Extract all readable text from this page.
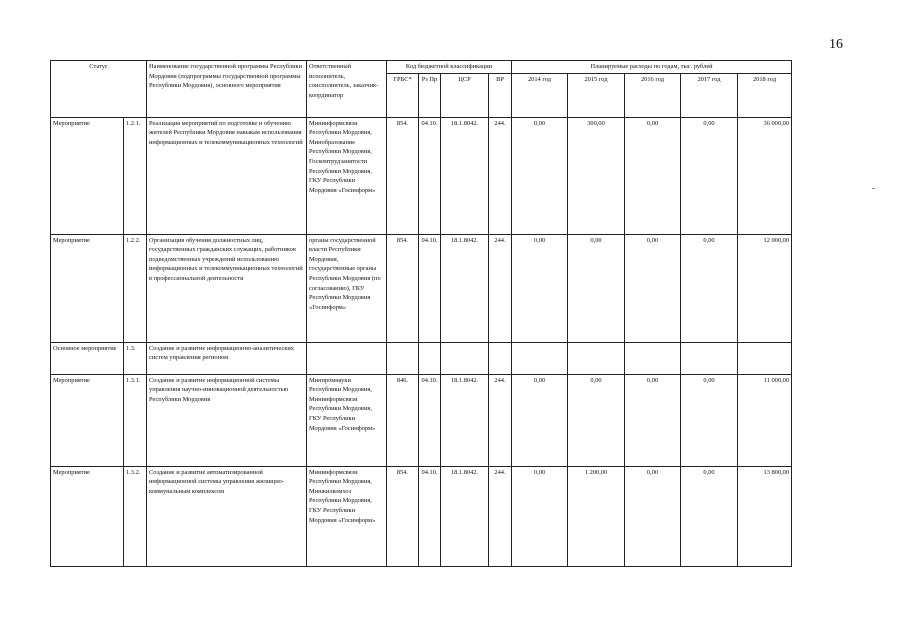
16
Статус		Наименование государственной программы Республики Мордовия (подпрограммы государственной программы Республики Мордовия), основного мероприятия	Ответственный исполнитель, соисполнитель, заказчик-координатор	Код бюджетной классификации				Планируемые расходы по годам, тыс. рублей				
				ГРБС*	Рз Пр	ЦСР	ВР	2014 год	2015 год	2016 год	2017 год	2018 год
Мероприятие	1.2.1.	Реализация мероприятий по подготовке и обучению жителей Республики Мордовия навыкам использования информационных и телекоммуникационных технологий	Мининформсвязи Республики Мордовия, Минобразование Республики Мордовия, Госкомтрудзанятости Республики Мордовия, ГКУ Республики Мордовия «Госинформ»	854.	04.10.	18.1.8042.	244.	0,00	300,00	0,00	0,00	36 000,00
Мероприятие	1.2.2.	Организация обучения должностных лиц, государственных гражданских служащих, работников подведомственных учреждений использованию информационных и телекоммуникационных технологий в профессиональной деятельности	органы государственной власти Республики Мордовия, государственные органы Республики Мордовия (по согласованию), ГКУ Республики Мордовия «Госинформ»	854.	04.10.	18.1.8042.	244.	0,00	0,00	0,00	0,00	12 000,00
Основное мероприятие	1.3.	Создание и развитие информационно-аналитических систем управления регионом										
Мероприятие	1.3.1.	Создание и развитие информационной системы управления научно-инновационной деятельностью Республики Мордовия	Минпромнауки Республики Мордовия, Мининформсвязи Республики Мордовия, ГКУ Республики Мордовия «Госинформ»	846.	04.10.	18.1.8042.	244.	0,00	0,00	0,00	0,00	11 000,00
Мероприятие	1.3.2.	Создание и развитие автоматизированной информационной системы управления жилищно-коммунальным комплексом	Мининформсвязи Республики Мордовия, Минжилкомхоз Республики Мордовия, ГКУ Республики Мордовия «Госинформ»	854.	04.10.	18.1.8042.	244.	0,00	1 200,00	0,00	0,00	13 800,00
